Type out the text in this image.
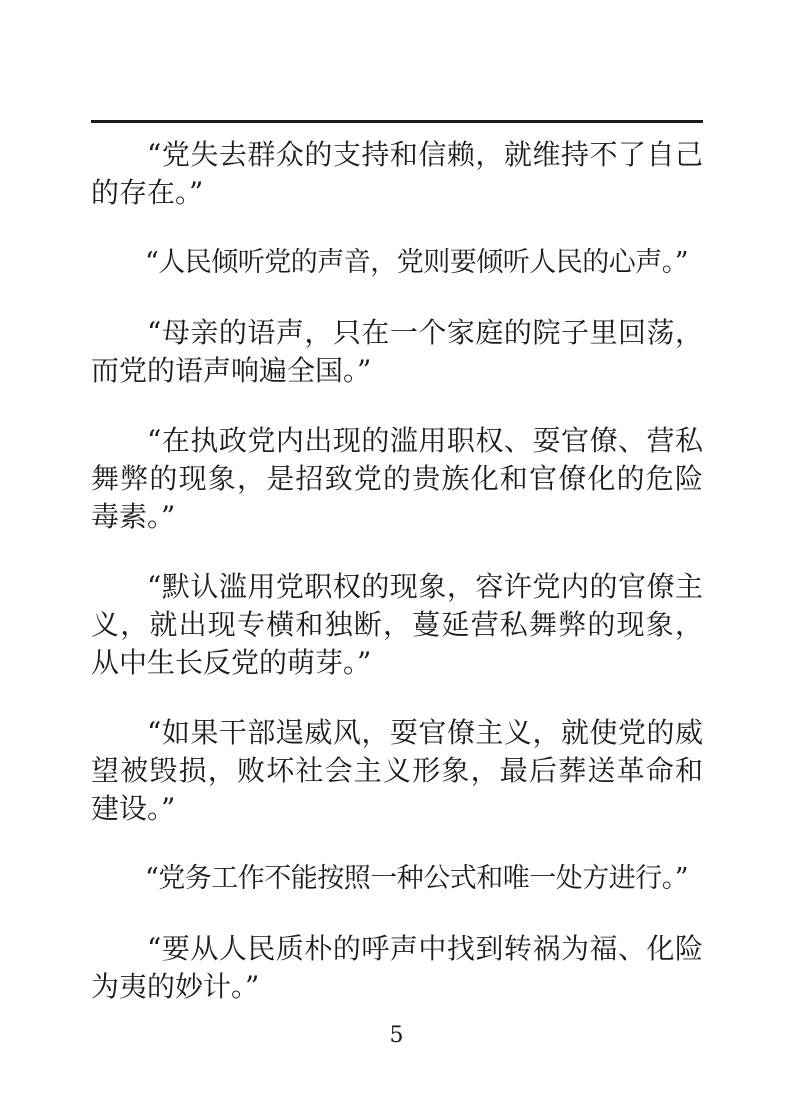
“党失去群众的支持和信赖，就维持不了自己的存在。”

“人民倾听党的声音，党则要倾听人民的心声。”

“母亲的语声，只在一个家庭的院子里回荡，而党的语声响遍全国。”

“在执政党内出现的滥用职权、耍官僚、营私舞弊的现象，是招致党的贵族化和官僚化的危险毒素。”

“默认滥用党职权的现象，容许党内的官僚主义，就出现专横和独断，蔓延营私舞弊的现象，从中生长反党的萌芽。”

“如果干部逞威风，耍官僚主义，就使党的威望被毁损，败坏社会主义形象，最后葬送革命和建设。”

“党务工作不能按照一种公式和唯一处方进行。”

“要从人民质朴的呼声中找到转祸为福、化险为夷的妙计。”

5
